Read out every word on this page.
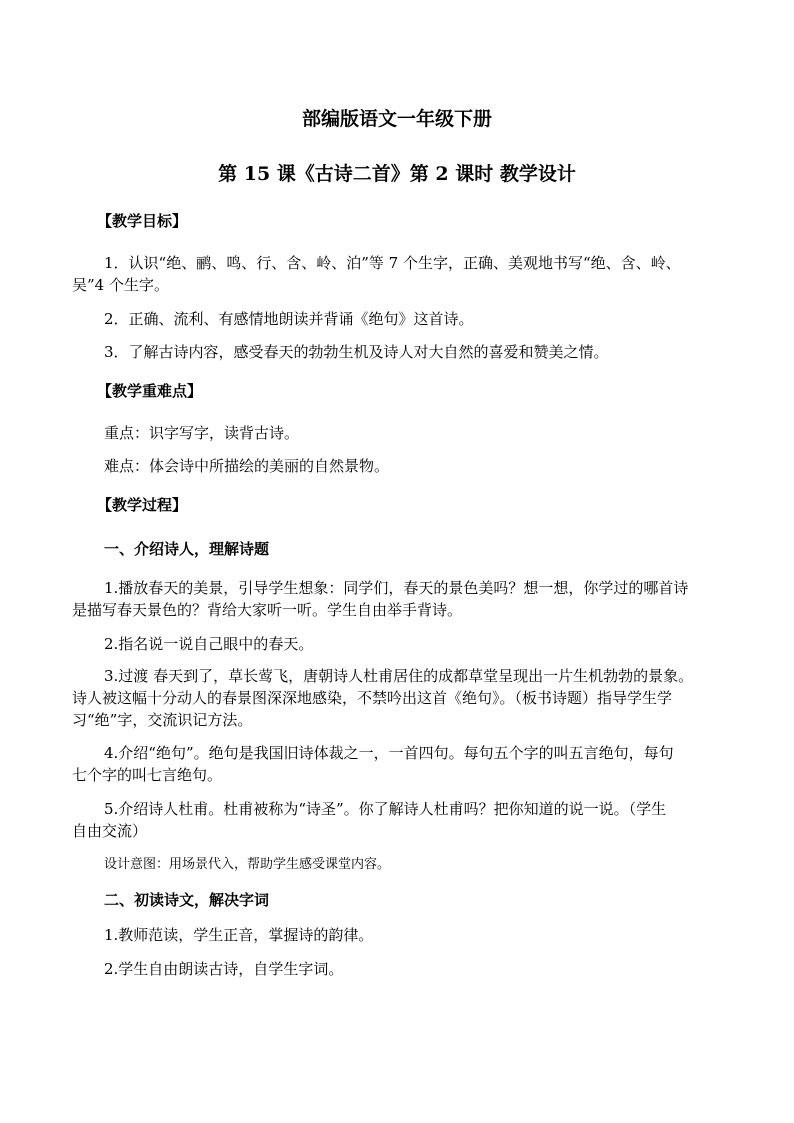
部编版语文一年级下册
第 15 课《古诗二首》第 2 课时 教学设计
【教学目标】
1．认识“绝、鹂、鸣、行、含、岭、泊”等 7 个生字，正确、美观地书写“绝、含、岭、
吴”4 个生字。
2．正确、流利、有感情地朗读并背诵《绝句》这首诗。
3．了解古诗内容，感受春天的勃勃生机及诗人对大自然的喜爱和赞美之情。
【教学重难点】
重点：识字写字，读背古诗。
难点：体会诗中所描绘的美丽的自然景物。
【教学过程】
一、介绍诗人，理解诗题
1.播放春天的美景，引导学生想象：同学们，春天的景色美吗？想一想，你学过的哪首诗
是描写春天景色的？背给大家听一听。学生自由举手背诗。
2.指名说一说自己眼中的春天。
3.过渡 春天到了，草长莺飞，唐朝诗人杜甫居住的成都草堂呈现出一片生机勃勃的景象。
诗人被这幅十分动人的春景图深深地感染，不禁吟出这首《绝句》。（板书诗题）指导学生学
习“绝”字，交流识记方法。
4.介绍“绝句”。绝句是我国旧诗体裁之一，一首四句。每句五个字的叫五言绝句，每句
七个字的叫七言绝句。
5.介绍诗人杜甫。杜甫被称为“诗圣”。你了解诗人杜甫吗？把你知道的说一说。（学生
自由交流）
设计意图：用场景代入，帮助学生感受课堂内容。
二、初读诗文，解决字词
1.教师范读，学生正音，掌握诗的韵律。
2.学生自由朗读古诗，自学生字词。
